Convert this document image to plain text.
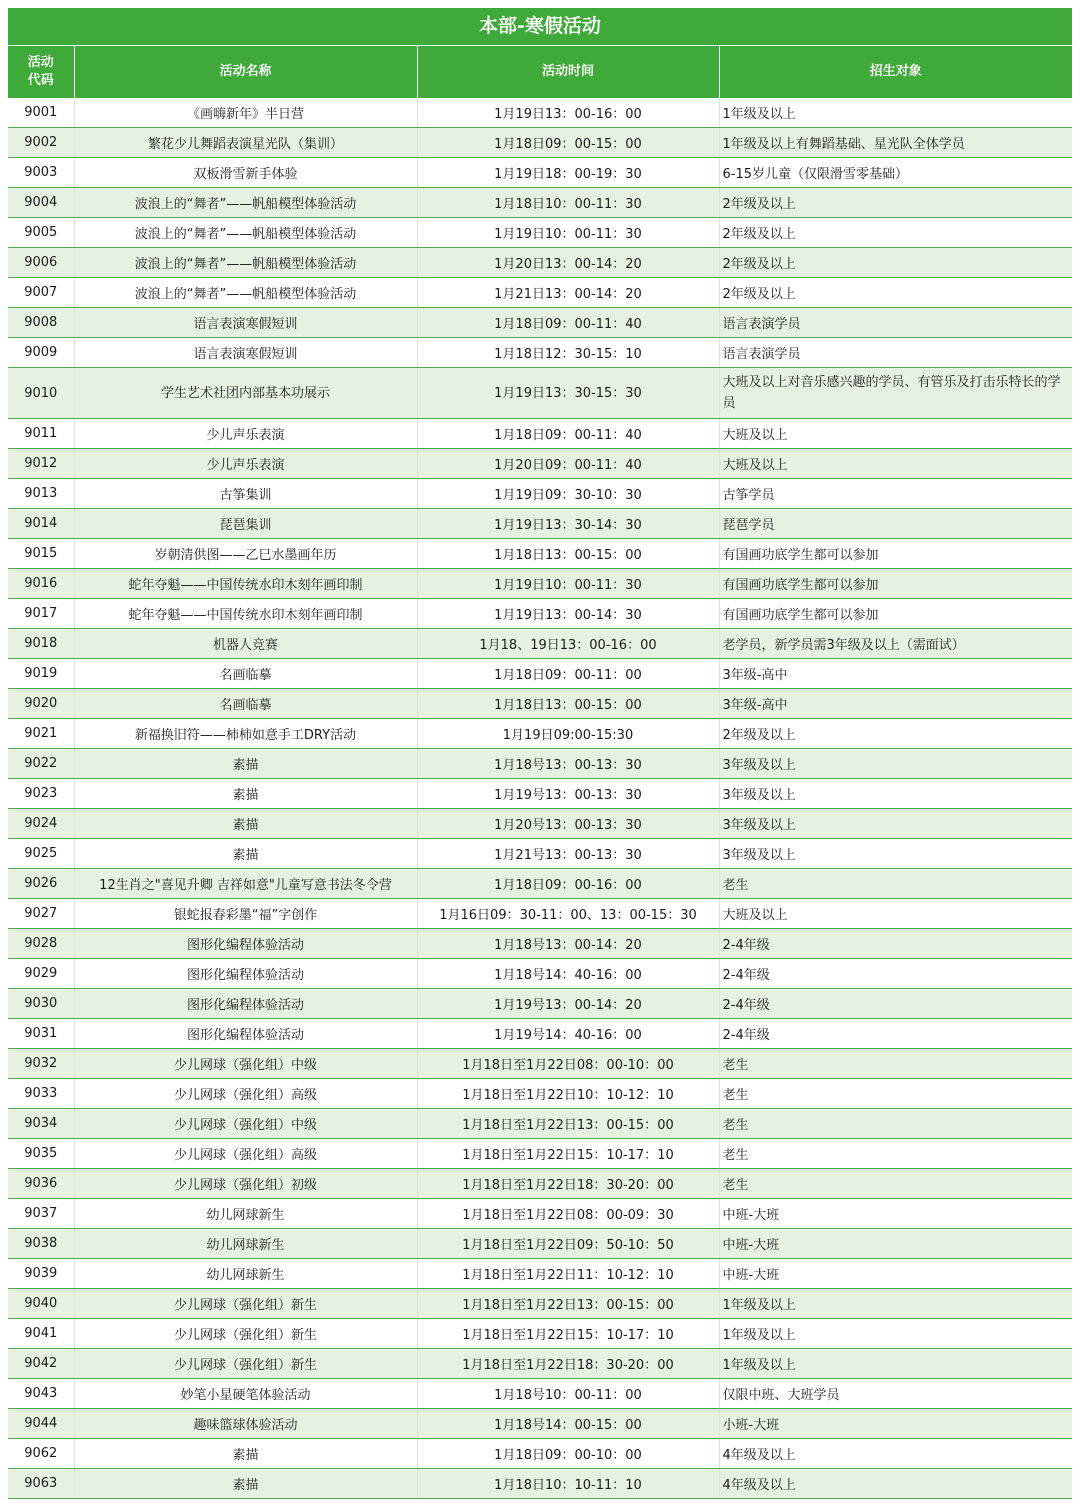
本部-寒假活动
活动
代码	活动名称	活动时间	招生对象
9001	《画嗨新年》半日营	1月19日13：00-16：00	1年级及以上
9002	繁花少儿舞蹈表演星光队（集训）	1月18日09：00-15：00	1年级及以上有舞蹈基础、星光队全体学员
9003	双板滑雪新手体验	1月19日18：00-19：30	6-15岁儿童（仅限滑雪零基础）
9004	波浪上的“舞者”——帆船模型体验活动	1月18日10：00-11：30	2年级及以上
9005	波浪上的“舞者”——帆船模型体验活动	1月19日10：00-11：30	2年级及以上
9006	波浪上的“舞者”——帆船模型体验活动	1月20日13：00-14：20	2年级及以上
9007	波浪上的“舞者”——帆船模型体验活动	1月21日13：00-14：20	2年级及以上
9008	语言表演寒假短训	1月18日09：00-11：40	语言表演学员
9009	语言表演寒假短训	1月18日12：30-15：10	语言表演学员
9010	学生艺术社团内部基本功展示	1月19日13：30-15：30	大班及以上对音乐感兴趣的学员、有管乐及打击乐特长的学员
9011	少儿声乐表演	1月18日09：00-11：40	大班及以上
9012	少儿声乐表演	1月20日09：00-11：40	大班及以上
9013	古筝集训	1月19日09：30-10：30	古筝学员
9014	琵琶集训	1月19日13：30-14：30	琵琶学员
9015	岁朝清供图——乙巳水墨画年历	1月18日13：00-15：00	有国画功底学生都可以参加
9016	蛇年夺魁——中国传统水印木刻年画印制	1月19日10：00-11：30	有国画功底学生都可以参加
9017	蛇年夺魁——中国传统水印木刻年画印制	1月19日13：00-14：30	有国画功底学生都可以参加
9018	机器人竞赛	1月18、19日13：00-16：00	老学员，新学员需3年级及以上（需面试）
9019	名画临摹	1月18日09：00-11：00	3年级-高中
9020	名画临摹	1月18日13：00-15：00	3年级-高中
9021	新福换旧符——柿柿如意手工DRY活动	1月19日09:00-15:30	2年级及以上
9022	素描	1月18号13：00-13：30	3年级及以上
9023	素描	1月19号13：00-13：30	3年级及以上
9024	素描	1月20号13：00-13：30	3年级及以上
9025	素描	1月21号13：00-13：30	3年级及以上
9026	12生肖之"喜见升卿 吉祥如意"儿童写意书法冬令营	1月18日09：00-16：00	老生
9027	银蛇报春彩墨“福”字创作	1月16日09：30-11：00、13：00-15：30	大班及以上
9028	图形化编程体验活动	1月18号13：00-14：20	2-4年级
9029	图形化编程体验活动	1月18号14：40-16：00	2-4年级
9030	图形化编程体验活动	1月19号13：00-14：20	2-4年级
9031	图形化编程体验活动	1月19号14：40-16：00	2-4年级
9032	少儿网球（强化组）中级	1月18日至1月22日08：00-10：00	老生
9033	少儿网球（强化组）高级	1月18日至1月22日10：10-12：10	老生
9034	少儿网球（强化组）中级	1月18日至1月22日13：00-15：00	老生
9035	少儿网球（强化组）高级	1月18日至1月22日15：10-17：10	老生
9036	少儿网球（强化组）初级	1月18日至1月22日18：30-20：00	老生
9037	幼儿网球新生	1月18日至1月22日08：00-09：30	中班-大班
9038	幼儿网球新生	1月18日至1月22日09：50-10：50	中班-大班
9039	幼儿网球新生	1月18日至1月22日11：10-12：10	中班-大班
9040	少儿网球（强化组）新生	1月18日至1月22日13：00-15：00	1年级及以上
9041	少儿网球（强化组）新生	1月18日至1月22日15：10-17：10	1年级及以上
9042	少儿网球（强化组）新生	1月18日至1月22日18：30-20：00	1年级及以上
9043	妙笔小星硬笔体验活动	1月18号10：00-11：00	仅限中班、大班学员
9044	趣味篮球体验活动	1月18号14：00-15：00	小班-大班
9062	素描	1月18日09：00-10：00	4年级及以上
9063	素描	1月18日10：10-11：10	4年级及以上
